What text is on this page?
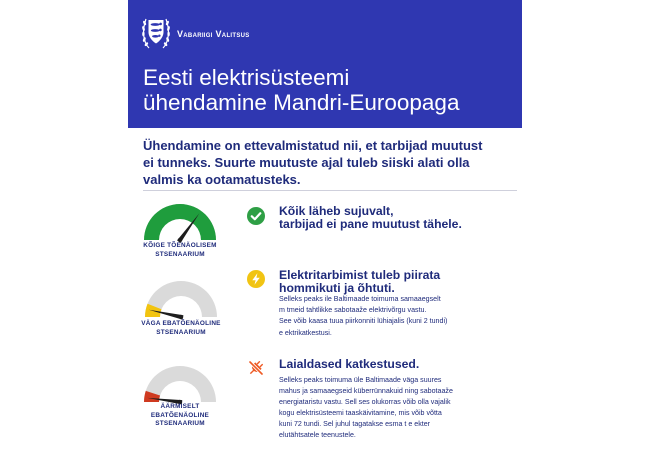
Vabariigi Valitsus
Eesti elektrisüsteemi
ühendamine Mandri-Euroopaga
Ühendamine on ettevalmistatud nii, et tarbijad muutust
ei tunneks. Suurte muutuste ajal tuleb siiski alati olla
valmis ka ootamatusteks.
KÕIGE TÕENÄOLISEM
STSENAARIUM
Kõik läheb sujuvalt,
tarbijad ei pane muutust tähele.
VÄGA EBATÕENÄOLINE
STSENAARIUM
Elektritarbimist tuleb piirata
hommikuti ja õhtuti.
Selleks peaks ile Baltimaade toimuma samaaegselt
m tmeid tahtlikke sabotaaže elektrivõrgu vastu.
See võib kaasa tuua piirkonniti lühiajalis (kuni 2 tundi)
e ektrikatkestusi.
ÄÄRMISELT
EBATÕENÄOLINE
STSENAARIUM
Laialdased katkestused.
Selleks peaks toimuma üle Baltimaade väga suures
mahus ja samaaegseid küberrünnakuid ning sabotaaže
energiataristu vastu. Sell ses olukorras võib olla vajalik
kogu elektrisüsteemi taaskäivitamine, mis võib võtta
kuni 72 tundi. Sel juhul tagatakse esma t e ekter
elutähtsatele teenustele.
